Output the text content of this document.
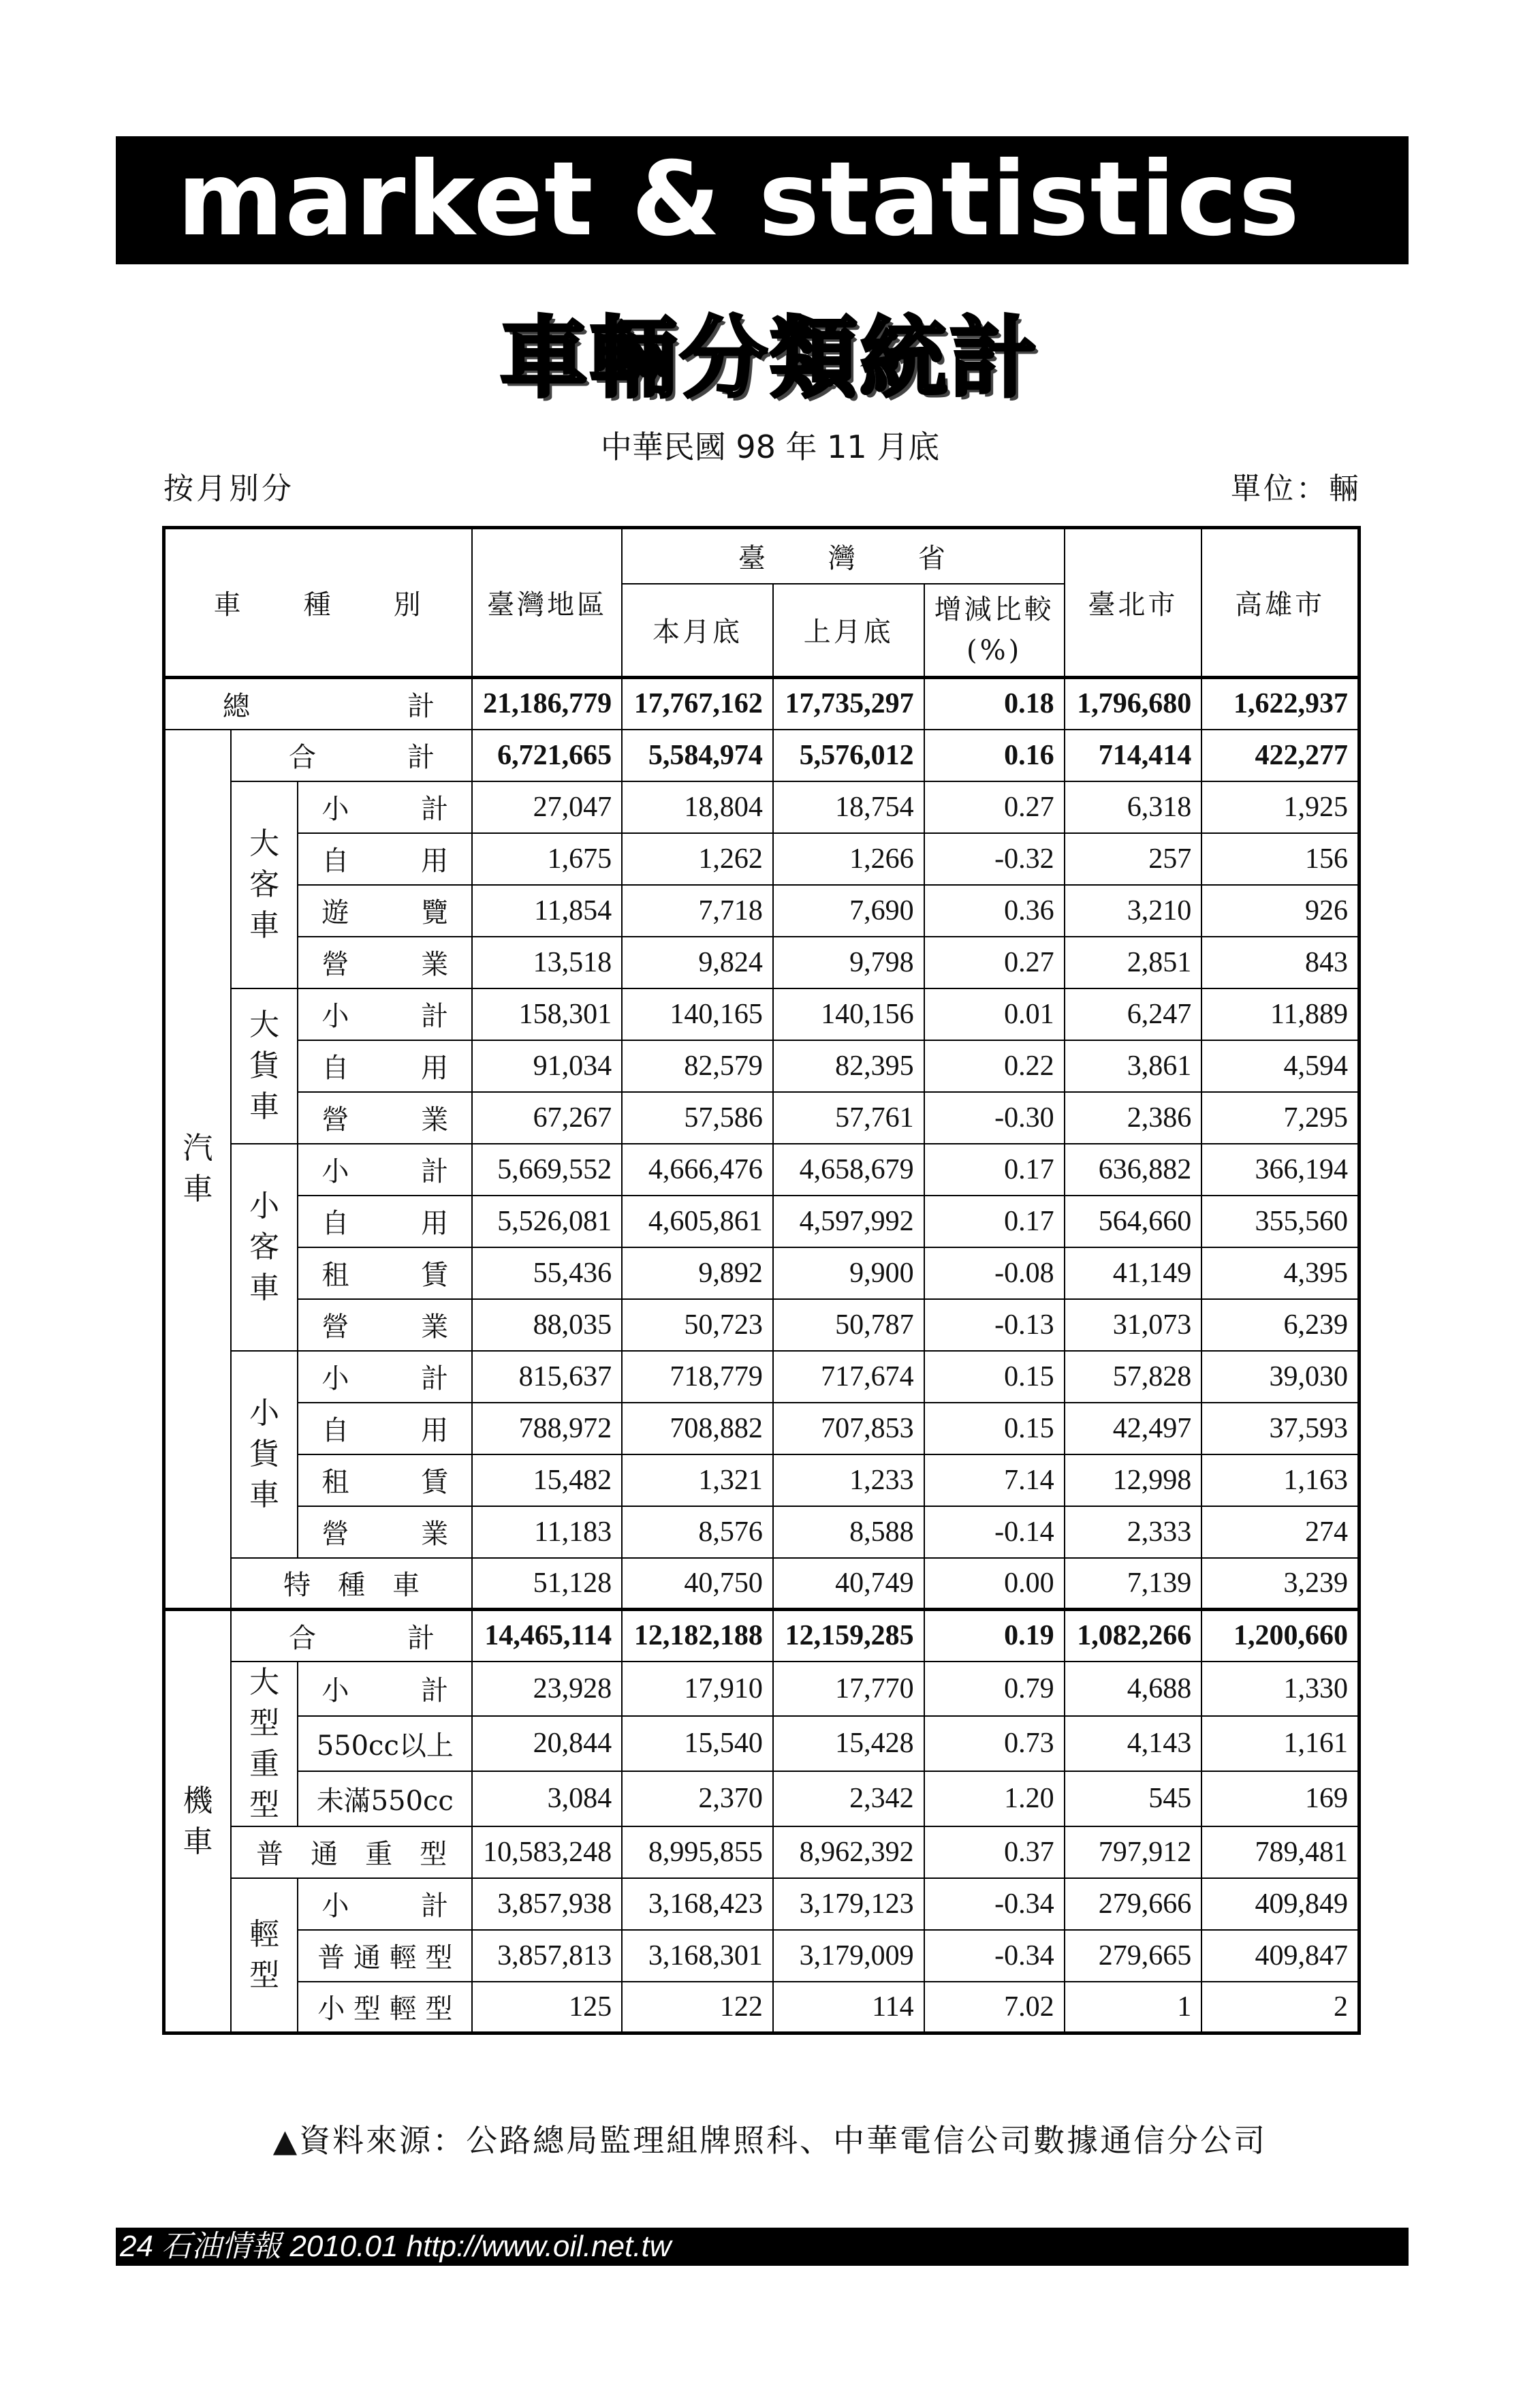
market & statistics
車輛分類統計
中華民國 98 年 11 月底
按月別分	單位：輛
車　　種　　別			臺灣地區	臺　　灣　　省			臺北市	高雄市
				本月底	上月底	增減比較
(%)		

總 計			21,186,779	17,767,162	17,735,297	0.18	1,796,680	1,622,937

汽　車	合 計		6,721,665	5,584,974	5,576,012	0.16	714,414	422,277

	大客車	小 計	27,047	18,804	18,754	0.27	6,318	1,925

		自 用	1,675	1,262	1,266	-0.32	257	156

		遊 覽	11,854	7,718	7,690	0.36	3,210	926

		營 業	13,518	9,824	9,798	0.27	2,851	843

	大貨車	小 計	158,301	140,165	140,156	0.01	6,247	11,889

		自 用	91,034	82,579	82,395	0.22	3,861	4,594

		營 業	67,267	57,586	57,761	-0.30	2,386	7,295

	小客車	小 計	5,669,552	4,666,476	4,658,679	0.17	636,882	366,194

		自 用	5,526,081	4,605,861	4,597,992	0.17	564,660	355,560

		租 賃	55,436	9,892	9,900	-0.08	41,149	4,395

		營 業	88,035	50,723	50,787	-0.13	31,073	6,239

	小貨車	小 計	815,637	718,779	717,674	0.15	57,828	39,030

		自 用	788,972	708,882	707,853	0.15	42,497	37,593

		租 賃	15,482	1,321	1,233	7.14	12,998	1,163

		營 業	11,183	8,576	8,588	-0.14	2,333	274
	特　種　車		51,128	40,750	40,749	0.00	7,139	3,239

機　車	合 計		14,465,114	12,182,188	12,159,285	0.19	1,082,266	1,200,660

	大型重型	小 計	23,928	17,910	17,770	0.79	4,688	1,330
		550cc以上	20,844	15,540	15,428	0.73	4,143	1,161
		未滿550cc	3,084	2,370	2,342	1.20	545	169
	普　通　重　型		10,583,248	8,995,855	8,962,392	0.37	797,912	789,481

	輕型	小 計	3,857,938	3,168,423	3,179,123	-0.34	279,666	409,849
		普 通 輕 型	3,857,813	3,168,301	3,179,009	-0.34	279,665	409,847
		小 型 輕 型	125	122	114	7.02	1	2
▲資料來源：公路總局監理組牌照科、中華電信公司數據通信分公司
24 石油情報 2010.01 http://www.oil.net.tw
